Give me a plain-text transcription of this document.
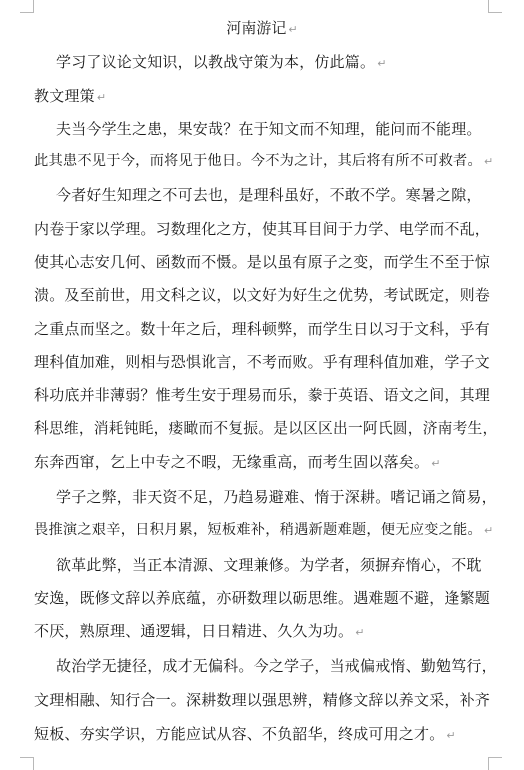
河南游记 ↵
学习了议论文知识，以教战守策为本，仿此篇。 ↵
教文理策 ↵
夫当今学生之患，果安哉？在于知文而不知理，能问而不能理。
此其患不见于今，而将见于他日。今不为之计，其后将有所不可救者。 ↵
今者好生知理之不可去也，是理科虽好，不敢不学。寒暑之隙，
内卷于家以学理。习数理化之方，使其耳目间于力学、电学而不乱，
使其心志安几何、函数而不慑。是以虽有原子之变，而学生不至于惊
溃。及至前世，用文科之议，以文好为好生之优势，考试既定，则卷
之重点而坚之。数十年之后，理科顿弊，而学生日以习于文科，乎有
理科值加难，则相与恐惧讹言，不考而败。乎有理科值加难，学子文
科功底并非薄弱？惟考生安于理易而乐，豢于英语、语文之间，其理
科思维，消耗钝眊，瘘瞰而不复振。是以区区出一阿氏圆，济南考生，
东奔西窜，乞上中专之不暇，无缘重高，而考生固以落矣。 ↵
学子之弊，非天资不足，乃趋易避难、惰于深耕。嗜记诵之简易，
畏推演之艰辛，日积月累，短板难补，稍遇新题难题，便无应变之能。 ↵
欲革此弊，当正本清源、文理兼修。为学者，须摒弃惰心，不耽
安逸，既修文辞以养底蕴，亦研数理以砺思维。遇难题不避，逢繁题
不厌，熟原理、通逻辑，日日精进、久久为功。 ↵
故治学无捷径，成才无偏科。今之学子，当戒偏戒惰、勤勉笃行，
文理相融、知行合一。深耕数理以强思辨，精修文辞以养文采，补齐
短板、夯实学识，方能应试从容、不负韶华，终成可用之才。 ↵
